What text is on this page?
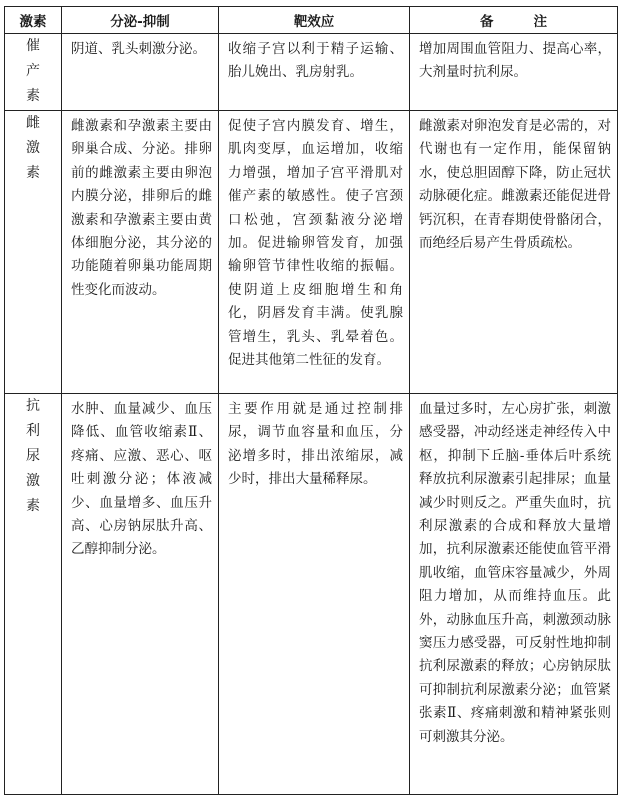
激素	分泌-抑制	靶效应	备 注
催产素	阴道、乳头刺激分泌。	收缩子宫以利于精子运输、胎儿娩出、乳房射乳。	增加周围血管阻力、提高心率，大剂量时抗利尿。
雌激素	雌激素和孕激素主要由卵巢合成、分泌。排卵前的雌激素主要由卵泡内膜分泌，排卵后的雌激素和孕激素主要由黄体细胞分泌，其分泌的功能随着卵巢功能周期性变化而波动。	促使子宫内膜发育、增生，肌肉变厚，血运增加，收缩力增强，增加子宫平滑肌对催产素的敏感性。使子宫颈口松弛，宫颈黏液分泌增加。促进输卵管发育，加强输卵管节律性收缩的振幅。使阴道上皮细胞增生和角化，阴唇发育丰满。使乳腺管增生，乳头、乳晕着色。促进其他第二性征的发育。	雌激素对卵泡发育是必需的，对代谢也有一定作用，能保留钠水，使总胆固醇下降，防止冠状动脉硬化症。雌激素还能促进骨钙沉积，在青春期使骨骼闭合，而绝经后易产生骨质疏松。
抗利尿激素	水肿、血量减少、血压降低、血管收缩素Ⅱ、疼痛、应激、恶心、呕吐刺激分泌；体液减少、血量增多、血压升高、心房钠尿肽升高、乙醇抑制分泌。	主要作用就是通过控制排尿，调节血容量和血压，分泌增多时，排出浓缩尿，减少时，排出大量稀释尿。	血量过多时，左心房扩张，刺激感受器，冲动经迷走神经传入中枢，抑制下丘脑-垂体后叶系统释放抗利尿激素引起排尿；血量减少时则反之。严重失血时，抗利尿激素的合成和释放大量增加，抗利尿激素还能使血管平滑肌收缩，血管床容量减少，外周阻力增加，从而维持血压。此外，动脉血压升高，刺激颈动脉窦压力感受器，可反射性地抑制抗利尿激素的释放；心房钠尿肽可抑制抗利尿激素分泌；血管紧张素Ⅱ、疼痛刺激和精神紧张则可刺激其分泌。
